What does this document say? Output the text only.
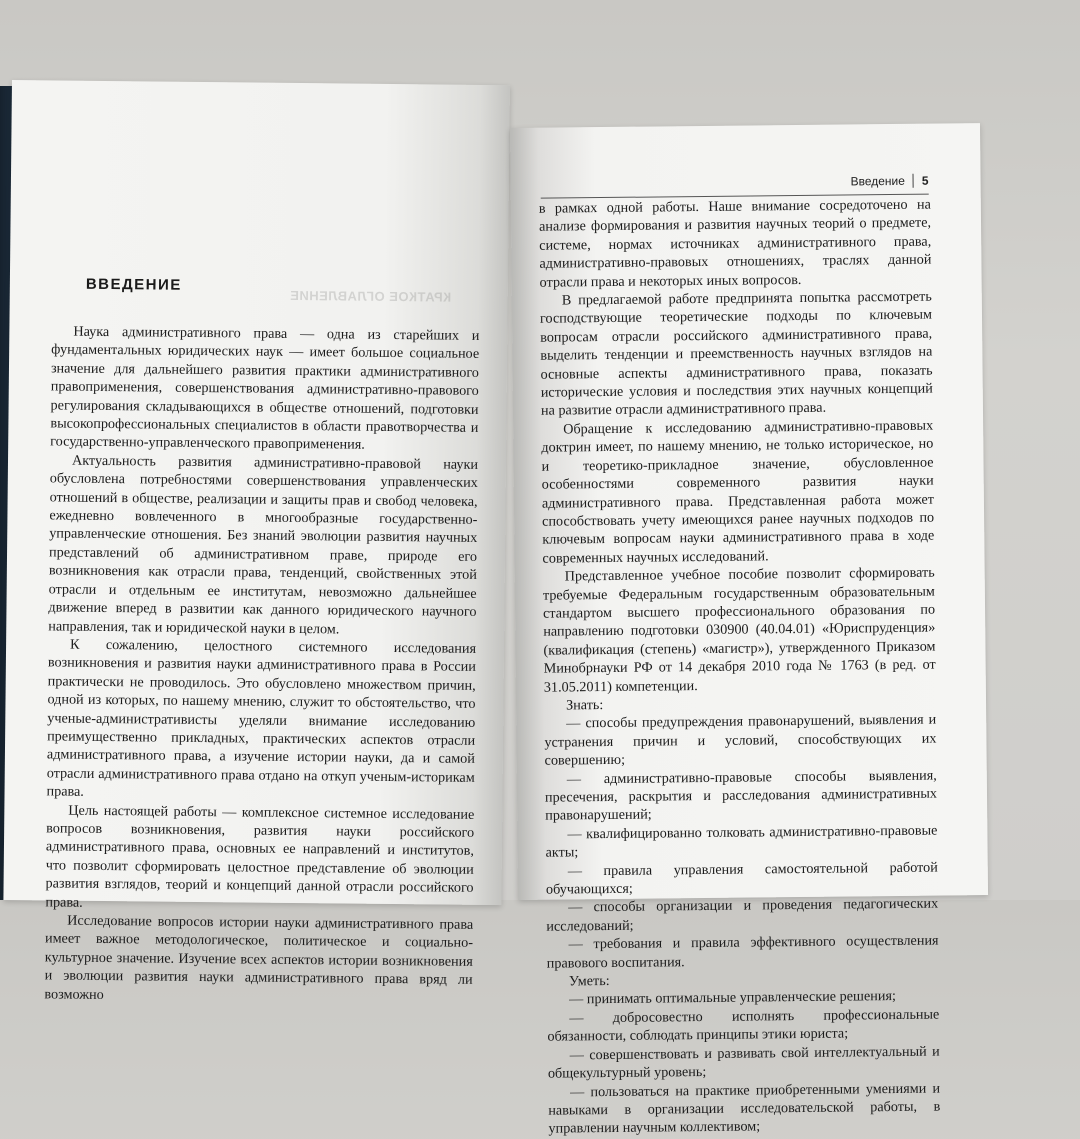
КРАТКОЕ ОГЛАВЛЕНИЕ
ВВЕДЕНИЕ

Наука административного права — одна из старейших и фундаментальных юридических наук — имеет большое социальное значение для дальнейшего развития практики административного правоприменения, совершенствования административно-правового регулирования складывающихся в обществе отношений, подготовки высокопрофессиональных специалистов в области правотворчества и государственно-управленческого правоприменения.

Актуальность развития административно-правовой науки обусловлена потребностями совершенствования управленческих отношений в обществе, реализации и защиты прав и свобод человека, ежедневно вовлеченного в многообразные государственно-управленческие отношения. Без знаний эволюции развития научных представлений об административном праве, природе его возникновения как отрасли права, тенденций, свойственных этой отрасли и отдельным ее институтам, невозможно дальнейшее движение вперед в развитии как данного юридического научного направления, так и юридической науки в целом.

К сожалению, целостного системного исследования возникновения и развития науки административного права в России практически не проводилось. Это обусловлено множеством причин, одной из которых, по нашему мнению, служит то обстоятельство, что ученые-административисты уделяли внимание исследованию преимущественно прикладных, практических аспектов отрасли административного права, а изучение истории науки, да и самой отрасли административного права отдано на откуп ученым-историкам права.

Цель настоящей работы — комплексное системное исследование вопросов возникновения, развития науки российского административного права, основных ее направлений и институтов, что позволит сформировать целостное представление об эволюции развития взглядов, теорий и концепций данной отрасли российского права.

Исследование вопросов истории науки административного права имеет важное методологическое, политическое и социально-культурное значение. Изучение всех аспектов истории возникновения и эволюции развития науки административного права вряд ли возможно

Введение 5

в рамках одной работы. Наше внимание сосредоточено на анализе формирования и развития научных теорий о предмете, системе, нормах источниках административного права, административно-правовых отношениях, траслях данной отрасли права и некоторых иных вопросов.

В предлагаемой работе предпринята попытка рассмотреть господствующие теоретические подходы по ключевым вопросам отрасли российского административного права, выделить тенденции и преемственность научных взглядов на основные аспекты административного права, показать исторические условия и последствия этих научных концепций на развитие отрасли административного права.

Обращение к исследованию административно-правовых доктрин имеет, по нашему мнению, не только историческое, но и теоретико-прикладное значение, обусловленное особенностями современного развития науки административного права. Представленная работа может способствовать учету имеющихся ранее научных подходов по ключевым вопросам науки административного права в ходе современных научных исследований.

Представленное учебное пособие позволит сформировать требуемые Федеральным государственным образовательным стандартом высшего профессионального образования по направлению подготовки 030900 (40.04.01) «Юриспруденция» (квалификация (степень) «магистр»), утвержденного Приказом Минобрнауки РФ от 14 декабря 2010 года № 1763 (в ред. от 31.05.2011) компетенции.

Знать:

— способы предупреждения правонарушений, выявления и устранения причин и условий, способствующих их совершению;

— административно-правовые способы выявления, пресечения, раскрытия и расследования административных правонарушений;

— квалифицированно толковать административно-правовые акты;

— правила управления самостоятельной работой обучающихся;

— способы организации и проведения педагогических исследований;

— требования и правила эффективного осуществления правового воспитания.

Уметь:

— принимать оптимальные управленческие решения;

— добросовестно исполнять профессиональные обязанности, соблюдать принципы этики юриста;

— совершенствовать и развивать свой интеллектуальный и общекультурный уровень;

— пользоваться на практике приобретенными умениями и навыками в организации исследовательской работы, в управлении научным коллективом;
